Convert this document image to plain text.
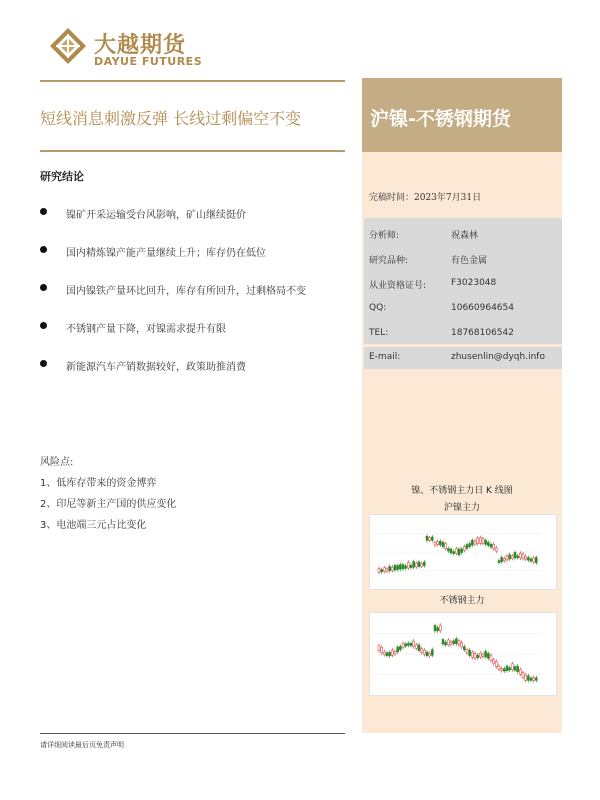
大越期货
DAYUE FUTURES
短线消息刺激反弹 长线过剩偏空不变	沪镍-不锈钢期货
完稿时间：2023年7月31日
分析师:	祝森林
研究品种:	有色金属
从业资格证号:	F3023048
QQ:	10660964654
TEL:	18768106542
E-mail:	zhusenlin@dyqh.info
镍、不锈钢主力日 K 线图
沪镍主力
不锈钢主力
研究结论
镍矿开采运输受台风影响，矿山继续挺价
国内精炼镍产能产量继续上升；库存仍在低位
国内镍铁产量环比回升，库存有所回升，过剩格局不变
不锈钢产量下降，对镍需求提升有限
新能源汽车产销数据较好，政策助推消费
风险点:
1、低库存带来的资金博弈
2、印尼等新主产国的供应变化
3、电池端三元占比变化
请详细阅读最后页免责声明
